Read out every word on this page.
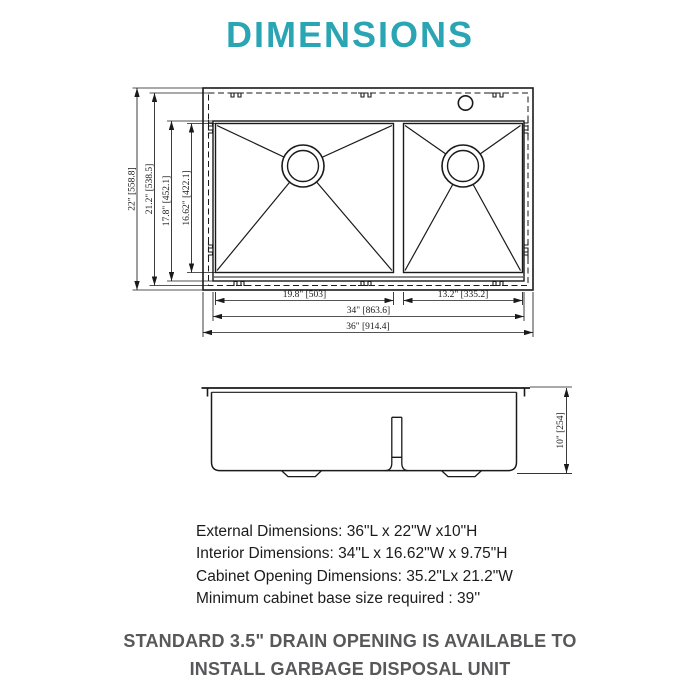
DIMENSIONS
22" [558.8] 21.2" [538.5] 17.8" [452.1] 16.62" [422.1]
19.8" [503]	13.2" [335.2]
34" [863.6]
36" [914.4]
10" [254]
External Dimensions: 36"L x 22"W x10"H
Interior Dimensions: 34"L x 16.62"W x 9.75"H
Cabinet Opening Dimensions: 35.2"Lx 21.2"W
Minimum cabinet base size required : 39''
STANDARD 3.5" DRAIN OPENING IS AVAILABLE TO
INSTALL GARBAGE DISPOSAL UNIT
